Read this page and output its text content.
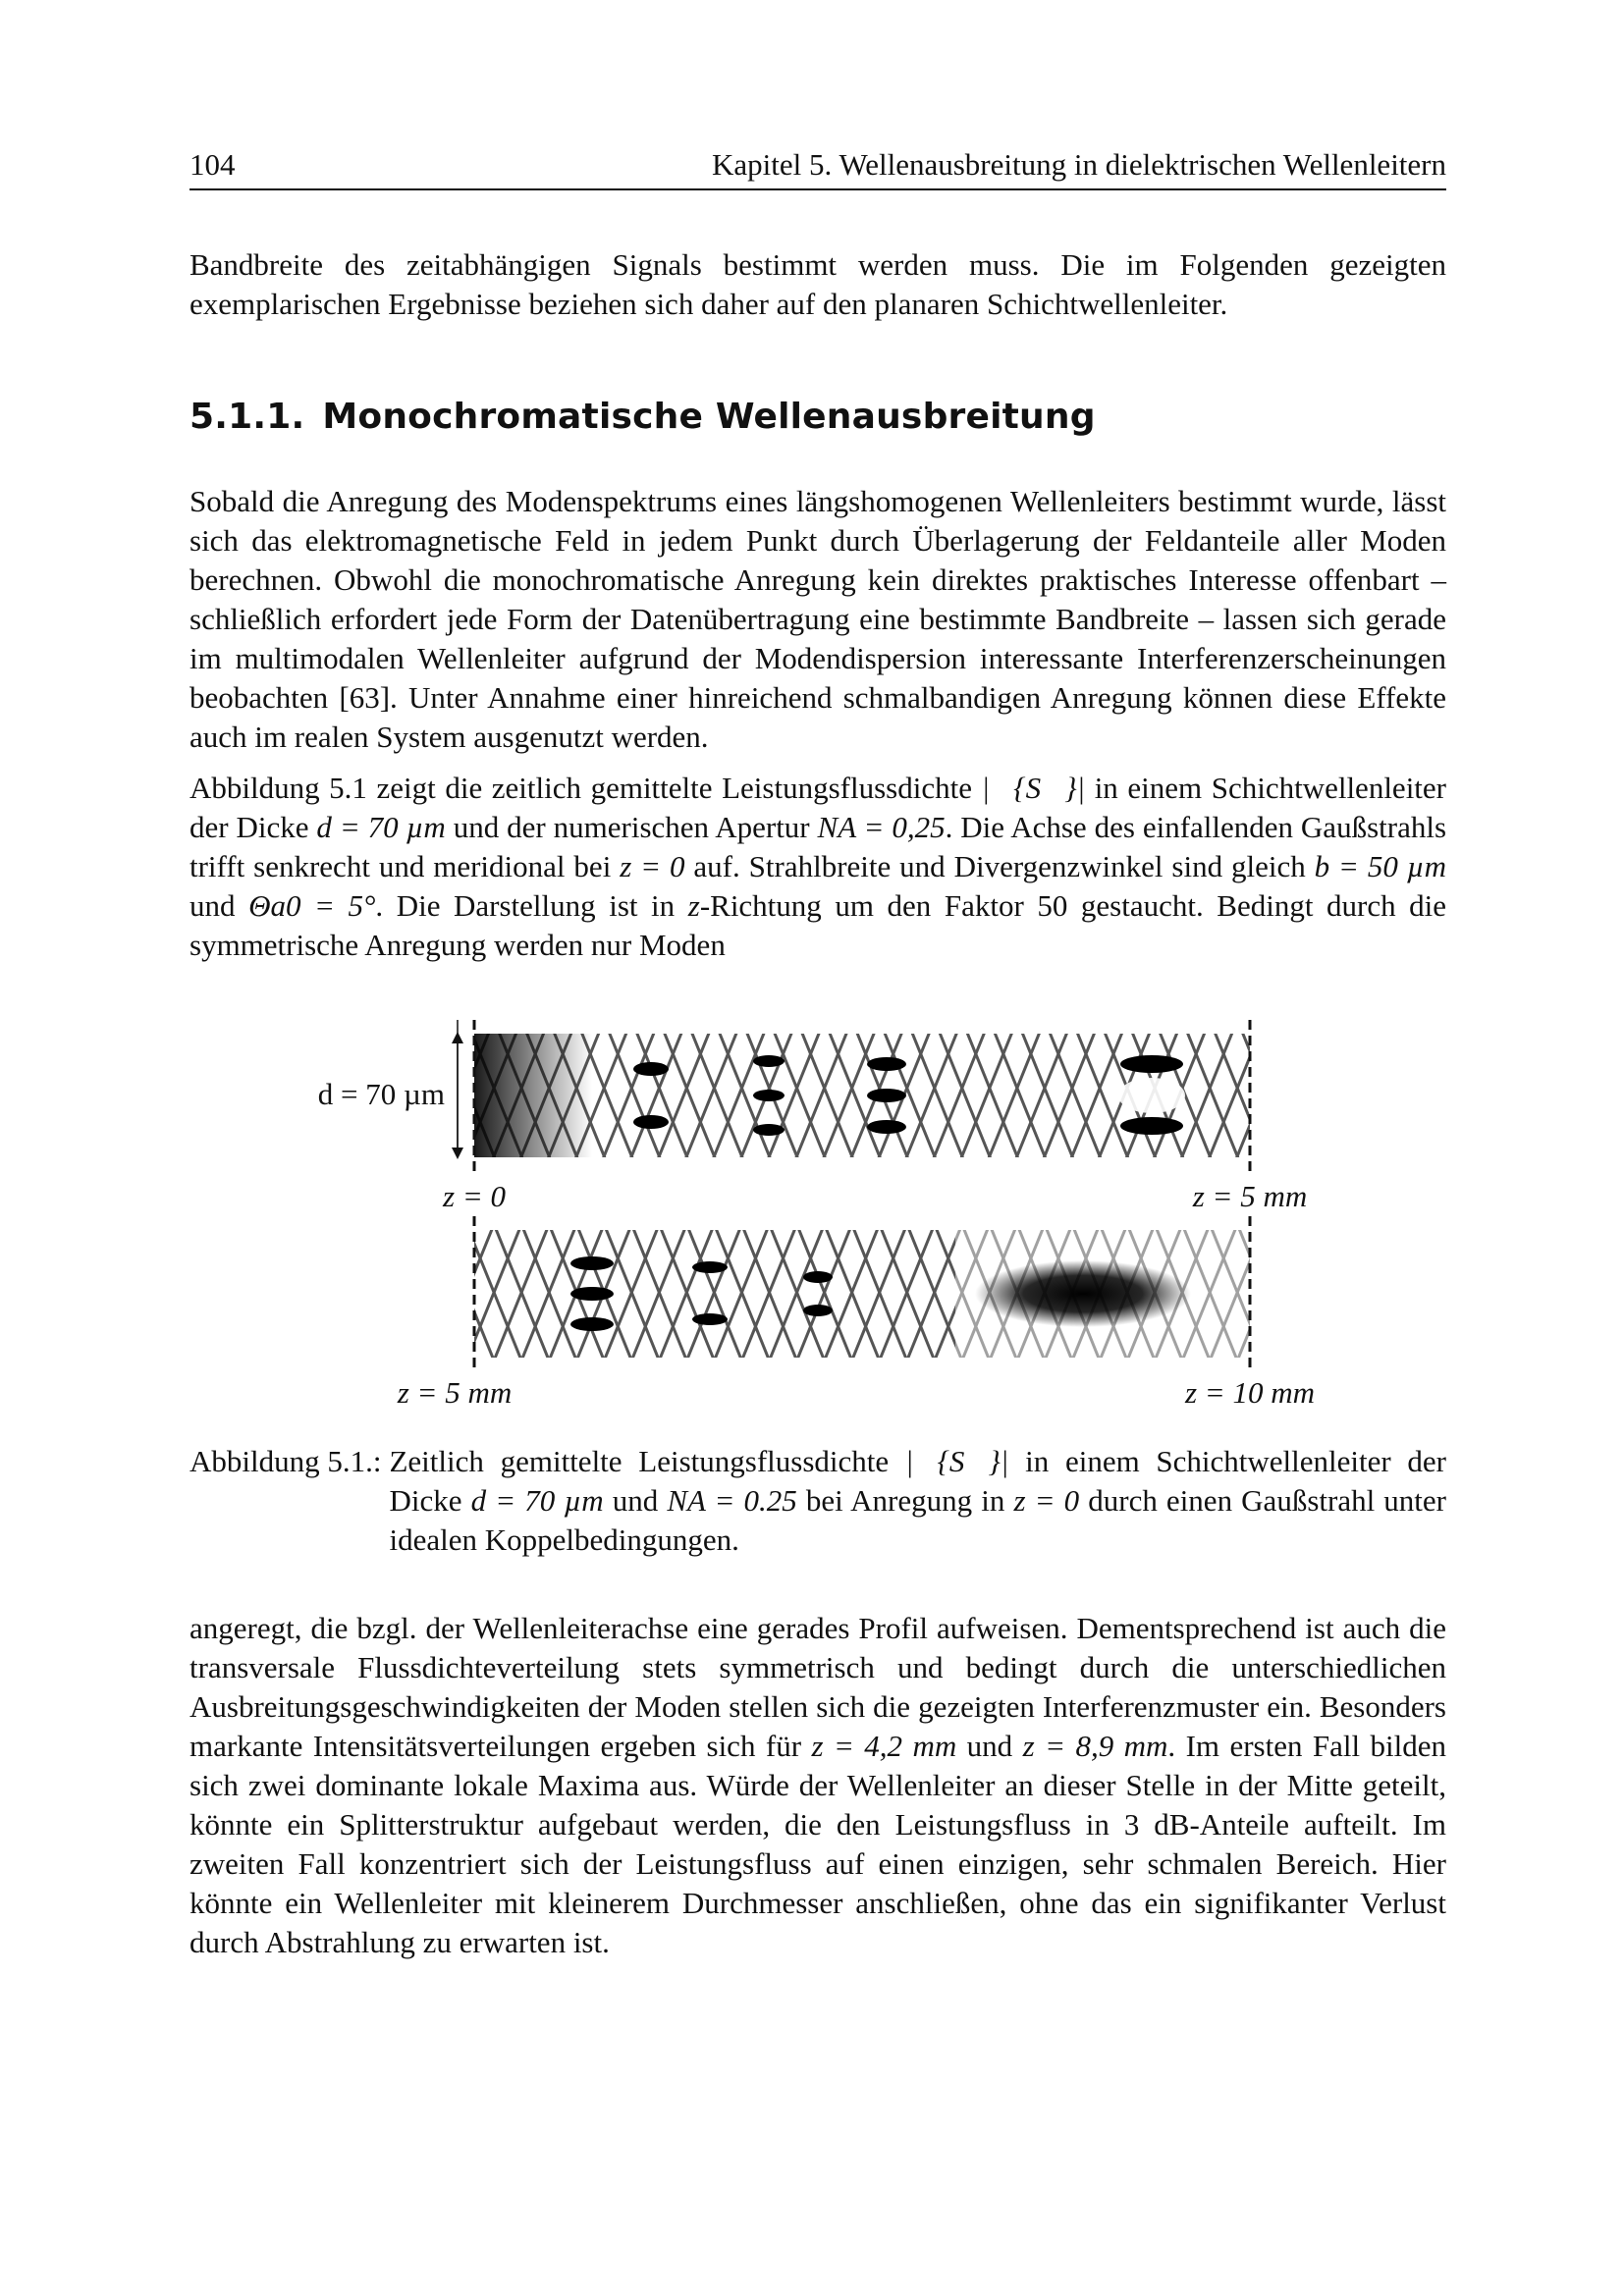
104	Kapitel 5. Wellenausbreitung in dielektrischen Wellenleitern

Bandbreite des zeitabhängigen Signals bestimmt werden muss. Die im Folgenden gezeigten exemplarischen Ergebnisse beziehen sich daher auf den planaren Schichtwellenleiter.

5.1.1. Monochromatische Wellenausbreitung

Sobald die Anregung des Modenspektrums eines längshomogenen Wellenleiters bestimmt wurde, lässt sich das elektromagnetische Feld in jedem Punkt durch Überlagerung der Feldanteile aller Moden berechnen. Obwohl die monochromatische Anregung kein direktes praktisches Interesse offenbart – schließlich erfordert jede Form der Datenübertragung eine bestimmte Bandbreite – lassen sich gerade im multimodalen Wellenleiter aufgrund der Modendispersion interessante Interferenzerscheinungen beobachten [63]. Unter Annahme einer hinreichend schmalbandigen Anregung können diese Effekte auch im realen System ausgenutzt werden.

Abbildung 5.1 zeigt die zeitlich gemittelte Leistungsflussdichte |ℜ{S⃗}| in einem Schichtwellenleiter der Dicke d = 70 µm und der numerischen Apertur NA = 0,25. Die Achse des einfallenden Gaußstrahls trifft senkrecht und meridional bei z = 0 auf. Strahlbreite und Divergenzwinkel sind gleich b = 50 µm und Θa0 = 5°. Die Darstellung ist in z-Richtung um den Faktor 50 gestaucht. Bedingt durch die symmetrische Anregung werden nur Moden

d = 70 µm
z = 0	z = 5 mm
z = 5 mm	z = 10 mm
Abbildung 5.1.: Zeitlich gemittelte Leistungsflussdichte |ℜ{S⃗}| in einem Schichtwellenleiter der Dicke d = 70 µm und NA = 0.25 bei Anregung in z = 0 durch einen Gaußstrahl unter idealen Koppelbedingungen.

angeregt, die bzgl. der Wellenleiterachse eine gerades Profil aufweisen. Dementsprechend ist auch die transversale Flussdichteverteilung stets symmetrisch und bedingt durch die unterschiedlichen Ausbreitungsgeschwindigkeiten der Moden stellen sich die gezeigten Interferenzmuster ein. Besonders markante Intensitätsverteilungen ergeben sich für z = 4,2 mm und z = 8,9 mm. Im ersten Fall bilden sich zwei dominante lokale Maxima aus. Würde der Wellenleiter an dieser Stelle in der Mitte geteilt, könnte ein Splitterstruktur aufgebaut werden, die den Leistungsfluss in 3 dB-Anteile aufteilt. Im zweiten Fall konzentriert sich der Leistungsfluss auf einen einzigen, sehr schmalen Bereich. Hier könnte ein Wellenleiter mit kleinerem Durchmesser anschließen, ohne das ein signifikanter Verlust durch Abstrahlung zu erwarten ist.
